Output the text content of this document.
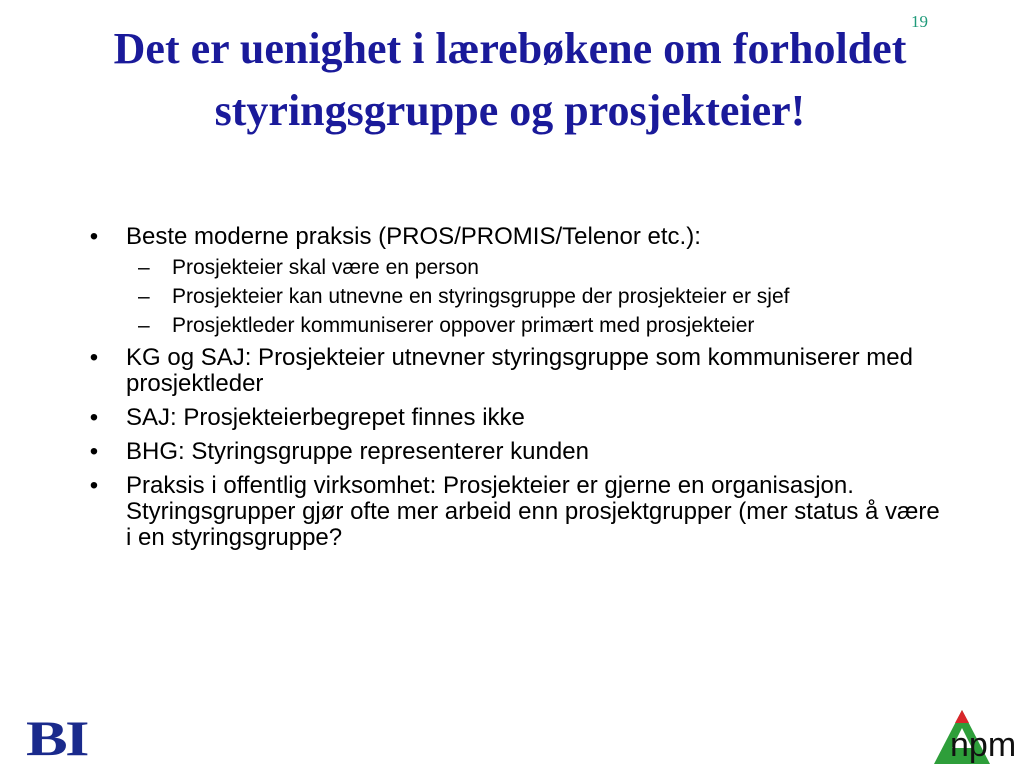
19
Det er uenighet i lærebøkene om forholdet styringsgruppe og prosjekteier!
• Beste moderne praksis (PROS/PROMIS/Telenor etc.):
– Prosjekteier skal være en person
– Prosjekteier kan utnevne en styringsgruppe der prosjekteier er sjef
– Prosjektleder kommuniserer oppover primært med prosjekteier
• KG og SAJ: Prosjekteier utnevner styringsgruppe som kommuniserer med prosjektleder
• SAJ: Prosjekteierbegrepet finnes ikke
• BHG: Styringsgruppe representerer kunden
• Praksis i offentlig virksomhet: Prosjekteier er gjerne en organisasjon. Styringsgrupper gjør ofte mer arbeid enn prosjektgrupper (mer status å være i en styringsgruppe?
BI	npm
